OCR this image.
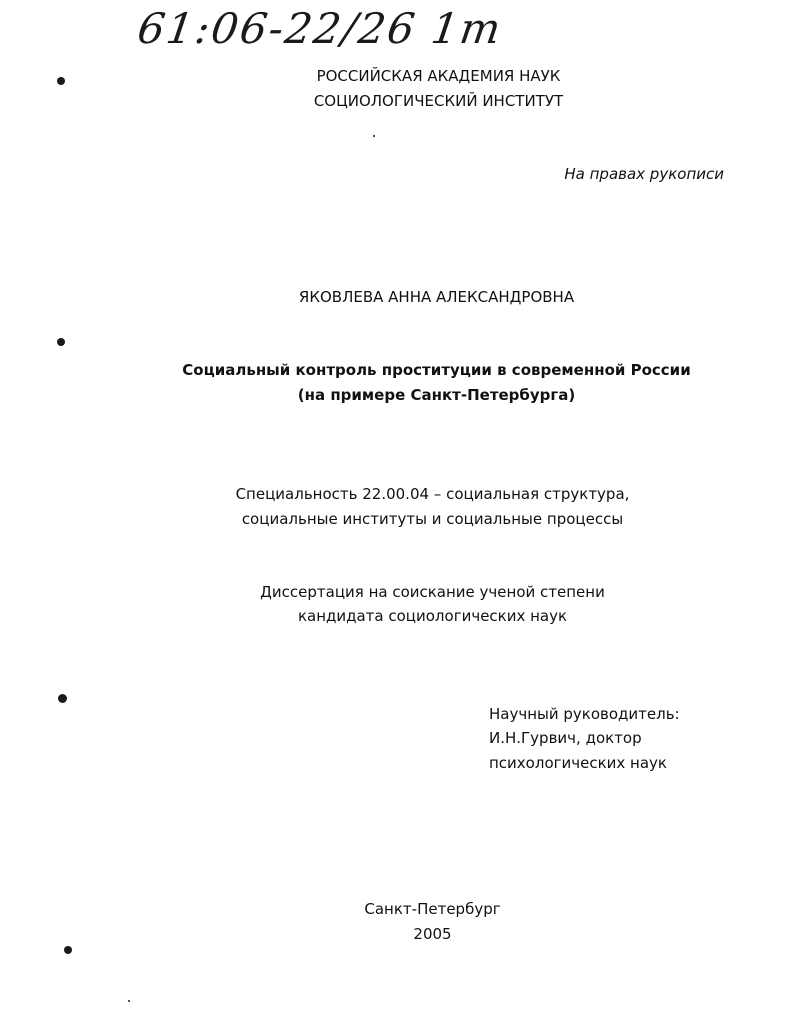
61:06-22/26 1т
РОССИЙСКАЯ АКАДЕМИЯ НАУК
СОЦИОЛОГИЧЕСКИЙ ИНСТИТУТ
На правах рукописи
ЯКОВЛЕВА АННА АЛЕКСАНДРОВНА
Социальный контроль проституции в современной России
(на примере Санкт-Петербурга)
Специальность 22.00.04 – социальная структура,
социальные институты и социальные процессы
Диссертация на соискание ученой степени
кандидата социологических наук
Научный руководитель:
И.Н.Гурвич, доктор
психологических наук
Санкт-Петербург
2005
